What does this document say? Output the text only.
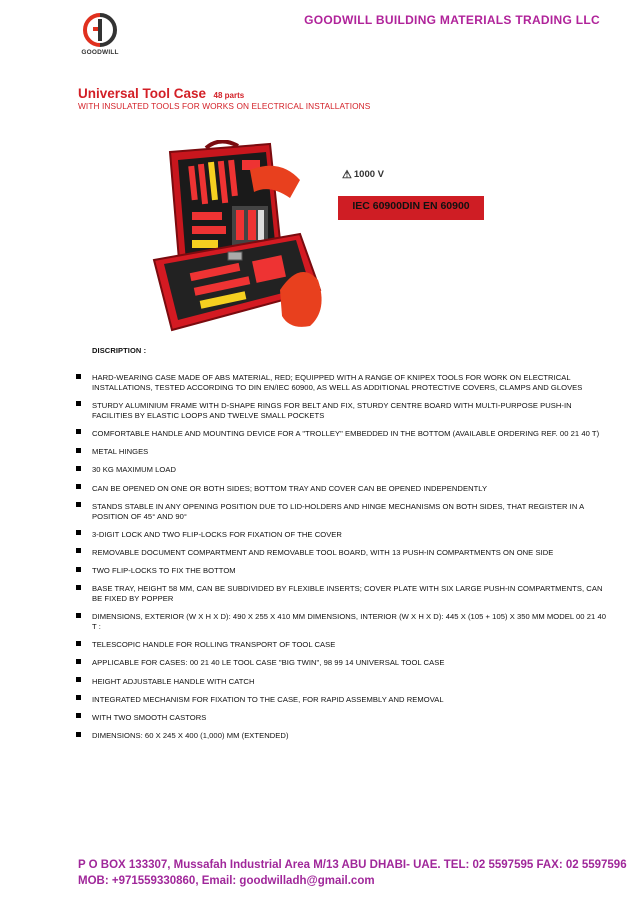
GOODWILL
GOODWILL BUILDING MATERIALS TRADING LLC
Universal Tool Case 48 parts
WITH INSULATED TOOLS FOR WORKS ON ELECTRICAL INSTALLATIONS
⚠ 1000 V
IEC 60900DIN EN 60900
DISCRIPTION :
HARD-WEARING CASE MADE OF ABS MATERIAL, RED; EQUIPPED WITH A RANGE OF KNIPEX TOOLS FOR WORK ON ELECTRICAL INSTALLATIONS, TESTED ACCORDING TO DIN EN/IEC 60900, AS WELL AS ADDITIONAL PROTECTIVE COVERS, CLAMPS AND GLOVES
STURDY ALUMINIUM FRAME WITH D-SHAPE RINGS FOR BELT AND FIX, STURDY CENTRE BOARD WITH MULTI-PURPOSE PUSH-IN FACILITIES BY ELASTIC LOOPS AND TWELVE SMALL POCKETS
COMFORTABLE HANDLE AND MOUNTING DEVICE FOR A "TROLLEY" EMBEDDED IN THE BOTTOM (AVAILABLE ORDERING REF. 00 21 40 T)
METAL HINGES
30 KG MAXIMUM LOAD
CAN BE OPENED ON ONE OR BOTH SIDES; BOTTOM TRAY AND COVER CAN BE OPENED INDEPENDENTLY
STANDS STABLE IN ANY OPENING POSITION DUE TO LID-HOLDERS AND HINGE MECHANISMS ON BOTH SIDES, THAT REGISTER IN A POSITION OF 45° AND 90°
3-DIGIT LOCK AND TWO FLIP-LOCKS FOR FIXATION OF THE COVER
REMOVABLE DOCUMENT COMPARTMENT AND REMOVABLE TOOL BOARD, WITH 13 PUSH-IN COMPARTMENTS ON ONE SIDE
TWO FLIP-LOCKS TO FIX THE BOTTOM
BASE TRAY, HEIGHT 58 MM, CAN BE SUBDIVIDED BY FLEXIBLE INSERTS; COVER PLATE WITH SIX LARGE PUSH-IN COMPARTMENTS, CAN BE FIXED BY POPPER
DIMENSIONS, EXTERIOR (W X H X D): 490 X 255 X 410 MM DIMENSIONS, INTERIOR (W X H X D): 445 X (105 + 105) X 350 MM MODEL 00 21 40 T :
TELESCOPIC HANDLE FOR ROLLING TRANSPORT OF TOOL CASE
APPLICABLE FOR CASES: 00 21 40 LE TOOL CASE "BIG TWIN", 98 99 14 UNIVERSAL TOOL CASE
HEIGHT ADJUSTABLE HANDLE WITH CATCH
INTEGRATED MECHANISM FOR FIXATION TO THE CASE, FOR RAPID ASSEMBLY AND REMOVAL
WITH TWO SMOOTH CASTORS
DIMENSIONS: 60 X 245 X 400 (1,000) MM (EXTENDED)
P O BOX 133307, Mussafah Industrial Area M/13 ABU DHABI- UAE. TEL: 02 5597595 FAX: 02 5597596
MOB: +971559330860, Email: goodwilladh@gmail.com
